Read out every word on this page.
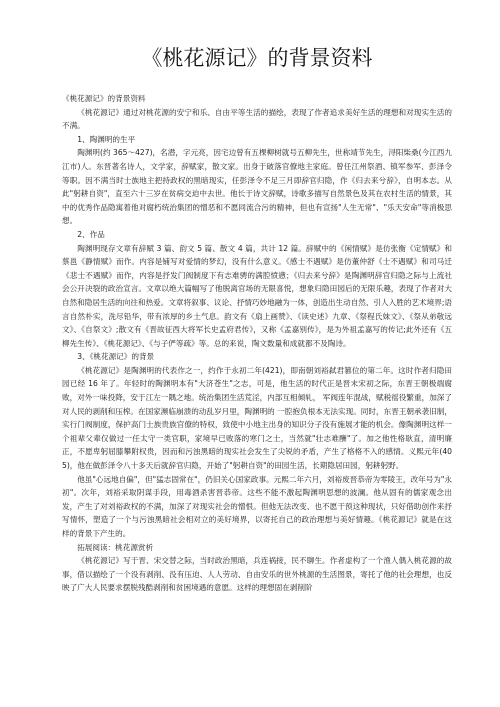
《桃花源记》的背景资料

《桃花源记》的背景资料

《桃花源记》通过对桃花源的安宁和乐、自由平等生活的描绘，表现了作者追求美好生活的理想和对现实生活的不满。

1、陶渊明的生平

陶渊明(约 365～427)，名潜，字元亮，因宅边曾有五棵柳树就号五柳先生，世称靖节先生，浔阳柴桑(今江西九江市)人。东晋著名诗人，文学家，辞赋家，散文家。出身于破落官僚地主家庭。曾任江州祭酒、镇军参军、彭泽令等职。因不满当时士族地主把持政权的黑暗现实，任彭泽令不足三月即辞官归隐，作《归去来兮辞》，自明本志。从此"躬耕自资"，直至六十三岁在贫病交迫中去世。他长于诗文辞赋，诗歌多描写自然景色及其在农村生活的情景，其中的优秀作品隐寓着他对腐朽统治集团的憎恶和不愿同流合污的精神，但也有宣扬"人生无常"、"乐天安命"等消极思想。

2、作品

陶渊明现存文章有辞赋 3 篇、韵文 5 篇、散文 4 篇，共计 12 篇。辞赋中的《闲情赋》是仿张衡《定情赋》和蔡邕《静情赋》而作。内容是铺写对爱情的梦幻，没有什么意义。《感士不遇赋》是仿董仲舒《士不遇赋》和司马迁《悲士不遇赋》而作，内容是抒发门阀制度下有志难骋的满腔愤懑；《归去来兮辞》是陶渊明辞官归隐之际与上流社会公开决裂的政治宣言。文章以绝大篇幅写了他脱离官场的无限喜悦，想象归隐田园后的无限乐趣，表现了作者对大自然和隐居生活的向往和热爱。文章将叙事、议论、抒情巧妙地融为一体，创造出生动自然、引人入胜的艺术境界;语言自然朴实，洗尽铅华，带有浓厚的乡土气息。韵文有《扇上画赞》、《读史述》九章、《祭程氏妹文》、《祭从弟敬远文》、《自祭文》;散文有《晋故征西大将军长史孟府君传》，又称《孟嘉别传》，是为外祖孟嘉写的传记;此外还有《五柳先生传》、《桃花源记》、《与子俨等疏》等。总的来说，陶文数量和成就都不及陶诗。

3、《桃花源记》的背景

《桃花源记》是陶渊明的代表作之一，约作于永初二年(421)，即南朝刘裕弑君篡位的第二年。这时作者归隐田园已经 16 年了。年轻时的陶渊明本有"大济苍生"之志，可是，他生活的时代正是晋末宋初之际，东晋王朝极端腐败，对外一味投降，安于江左一隅之地。统治集团生活荒淫，内部互相倾轧， 军阀连年混战，赋税徭役繁重，加深了对人民的剥削和压榨。在国家濒临崩溃的动乱岁月里，陶渊明的 一腔抱负根本无法实现。同时，东晋王朝承袭旧制，实行门阀制度，保护高门士族贵族官僚的特权，致使中小地主出身的知识分子没有施展才能的机会。像陶渊明这样一个祖辈父辈仅做过一任太守一类官职，家境早已败落的寒门之士，当然就"壮志难酬"了。加之他性格耿直，清明廉正，不愿卑躬屈膝攀附权贵，因而和污浊黑暗的现实社会发生了尖锐的矛盾，产生了格格不入的感情。义熙元年(405)，他在做彭泽令八十多天后就辞官归隐，开始了"躬耕自资"的田园生活，长期隐居田园，躬耕躬野。

他虽"心远地自偏"，但"猛志固常在"，仍旧关心国家政事。元熙二年六月，刘裕废晋恭帝为零陵王，改年号为"永初"。次年，刘裕采取阴谋手段，用毒酒杀害晋恭帝。这些不能不激起陶渊明思想的波澜。他从固有的儒家观念出发，产生了对刘裕政权的不满，加深了对现实社会的憎恨。但他无法改变、也不愿干预这种现状，只好借助创作来抒写情怀，塑造了一个与污浊黑暗社会相对立的美好境界，以寄托自己的政治理想与美好情趣。《桃花源记》就是在这样的背景下产生的。

拓展阅读：桃花源赏析

《桃花源记》写于晋、宋交替之际，当时政治黑暗，兵连祸接，民不聊生。作者虚构了一个渔人偶入桃花源的故事，借以描绘了一个没有剥削、没有压迫、人人劳动、自由安乐的世外桃源的生活图景，寄托了他的社会理想，也反映了广大人民要求摆脱残酷剥削和贫困境遇的意愿。这样的理想固在剥削阶
